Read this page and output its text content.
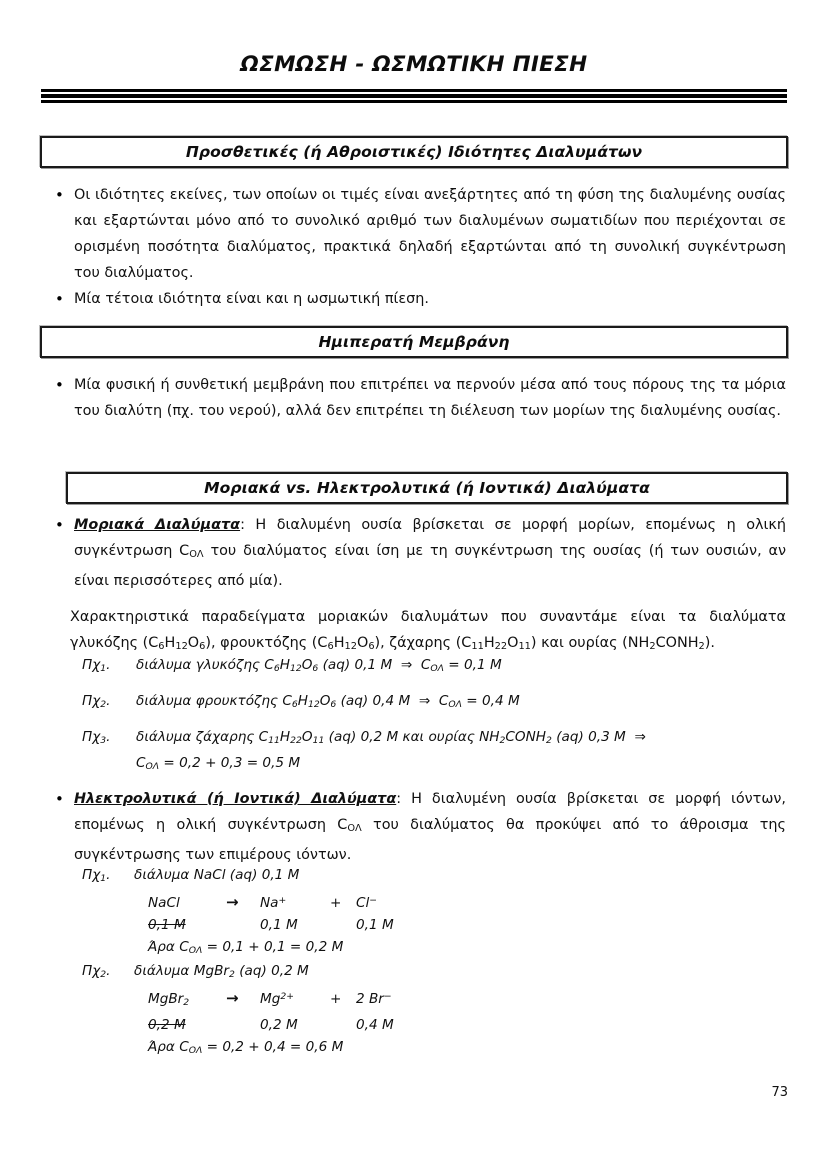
ΩΣΜΩΣΗ - ΩΣΜΩΤΙΚΗ ΠΙΕΣΗ
Προσθετικές (ή Αθροιστικές) Ιδιότητες Διαλυμάτων
• Οι ιδιότητες εκείνες, των οποίων οι τιμές είναι ανεξάρτητες από τη φύση της διαλυμένης ουσίας και εξαρτώνται μόνο από το συνολικό αριθμό των διαλυμένων σωματιδίων που περιέχονται σε ορισμένη ποσότητα διαλύματος, πρακτικά δηλαδή εξαρτώνται από τη συνολική συγκέντρωση του διαλύματος.
• Μία τέτοια ιδιότητα είναι και η ωσμωτική πίεση.
Ημιπερατή Μεμβράνη
• Μία φυσική ή συνθετική μεμβράνη που επιτρέπει να περνούν μέσα από τους πόρους της τα μόρια του διαλύτη (πχ. του νερού), αλλά δεν επιτρέπει τη διέλευση των μορίων της διαλυμένης ουσίας.
Μοριακά vs. Ηλεκτρολυτικά (ή Ιοντικά) Διαλύματα
• Μοριακά Διαλύματα: Η διαλυμένη ουσία βρίσκεται σε μορφή μορίων, επομένως η ολική συγκέντρωση $C_{O\Lambda}$ του διαλύματος είναι ίση με τη συγκέντρωση της ουσίας (ή των ουσιών, αν είναι περισσότερες από μία).
Χαρακτηριστικά παραδείγματα μοριακών διαλυμάτων που συναντάμε είναι τα διαλύματα γλυκόζης $(C_6H_{12}O_6)$, φρουκτόζης $(C_6H_{12}O_6)$, ζάχαρης $(C_{11}H_{22}O_{11})$ και ουρίας $(NH_2CONH_2)$.
$\Pi\chi_1$.	διάλυμα γλυκόζης $C_6H_{12}O_6$ (aq) 0,1 M ⇒ $C_{O\Lambda} = 0,1$ M
$\Pi\chi_2$.	διάλυμα φρουκτόζης $C_6H_{12}O_6$ (aq) 0,4 M ⇒ $C_{O\Lambda} = 0,4$ M
$\Pi\chi_3$.	διάλυμα ζάχαρης $C_{11}H_{22}O_{11}$ (aq) 0,2 M και ουρίας $NH_2CONH_2$ (aq) 0,3 M ⇒
$C_{O\Lambda} = 0,2 + 0,3 = 0,5$ M
• Ηλεκτρολυτικά (ή Ιοντικά) Διαλύματα: Η διαλυμένη ουσία βρίσκεται σε μορφή ιόντων, επομένως η ολική συγκέντρωση $C_{O\Lambda}$ του διαλύματος θα προκύψει από το άθροισμα της συγκέντρωσης των επιμέρους ιόντων.
$\Pi\chi_1$.	διάλυμα NaCl (aq) 0,1 M
NaCl	→	Na+	+	Cl−
0,1 M	0,1 M	0,1 M
Άρα $C_{O\Lambda} = 0,1 + 0,1 = 0,2$ M
$\Pi\chi_2$.	διάλυμα MgBr$_2$ (aq) 0,2 M
MgBr$_2$	→	$Mg^{2+}$	+	2 Br−
0,2 M	0,2 M	0,4 M
Άρα $C_{O\Lambda} = 0,2 + 0,4 = 0,6$ M
73
